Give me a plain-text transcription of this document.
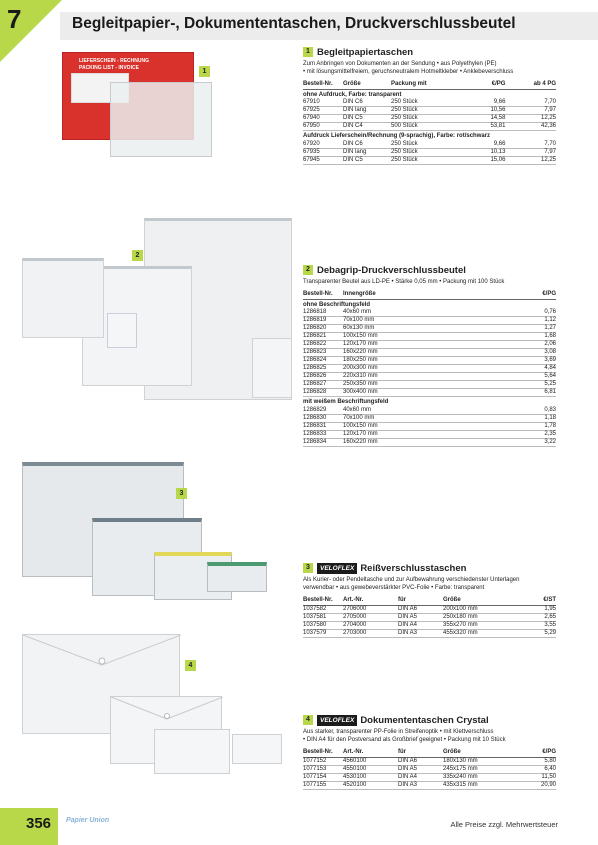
7	Begleitpapier-, Dokumententaschen, Druckverschlussbeutel
LIEFERSCHEIN - RECHNUNG
PACKING LIST - INVOICE	1
2
3
4
1 Begleitpapiertaschen
Zum Anbringen von Dokumenten an der Sendung • aus Polyethylen (PE)
• mit lösungsmittelfreiem, geruchsneutralem Hotmeltkleber • Anklebeverschluss
Bestell-Nr.	Größe	Packung mit	€/PG	ab 4 PG
ohne Aufdruck, Farbe: transparent				
67910	DIN C6	250 Stück	9,66	7,70
67925	DIN lang	250 Stück	10,56	7,97
67940	DIN C5	250 Stück	14,58	12,25
67950	DIN C4	500 Stück	53,81	42,36
Aufdruck Lieferschein/Rechnung (9-sprachig), Farbe: rot/schwarz				
67920	DIN C6	250 Stück	9,66	7,70
67935	DIN lang	250 Stück	10,13	7,97
67945	DIN C5	250 Stück	15,06	12,25
2 Debagrip-Druckverschlussbeutel
Transparenter Beutel aus LD-PE • Stärke 0,05 mm • Packung mit 100 Stück
Bestell-Nr.	Innengröße	€/PG
ohne Beschriftungsfeld		
1286818	40x60 mm	0,76
1286819	70x100 mm	1,12
1286820	60x130 mm	1,27
1286821	100x150 mm	1,68
1286822	120x170 mm	2,06
1286823	160x220 mm	3,08
1286824	180x250 mm	3,69
1286825	200x300 mm	4,84
1286826	220x310 mm	5,64
1286827	250x350 mm	5,25
1286828	300x400 mm	6,81
mit weißem Beschriftungsfeld		
1286829	40x60 mm	0,83
1286830	70x100 mm	1,18
1286831	100x150 mm	1,78
1286833	120x170 mm	2,35
1286834	160x220 mm	3,22
3	VELOFLEX Reißverschlusstaschen
Als Kurier- oder Pendeltasche und zur Aufbewahrung verschiedenster Unterlagen
verwendbar • aus gewebeverstärkter PVC-Folie • Farbe: transparent
Bestell-Nr.	Art.-Nr.	für	Größe	€/ST
1037582	2706000	DIN A6	200x100 mm	1,95
1037581	2705000	DIN A5	250x180 mm	2,65
1037580	2704000	DIN A4	355x270 mm	3,55
1037579	2703000	DIN A3	455x320 mm	5,29
4	VELOFLEX Dokumententaschen Crystal
Aus starker, transparenter PP-Folie in Streifenoptik • mit Klettverschluss
• DIN A4 für den Postversand als Großbrief geeignet • Packung mit 10 Stück
Bestell-Nr.	Art.-Nr.	für	Größe	€/PG
1077152	4560100	DIN A6	180x130 mm	5,80
1077153	4550100	DIN A5	245x175 mm	6,40
1077154	4530100	DIN A4	335x240 mm	11,50
1077155	4520100	DIN A3	435x315 mm	20,90
356 Papier Union	Alle Preise zzgl. Mehrwertsteuer
